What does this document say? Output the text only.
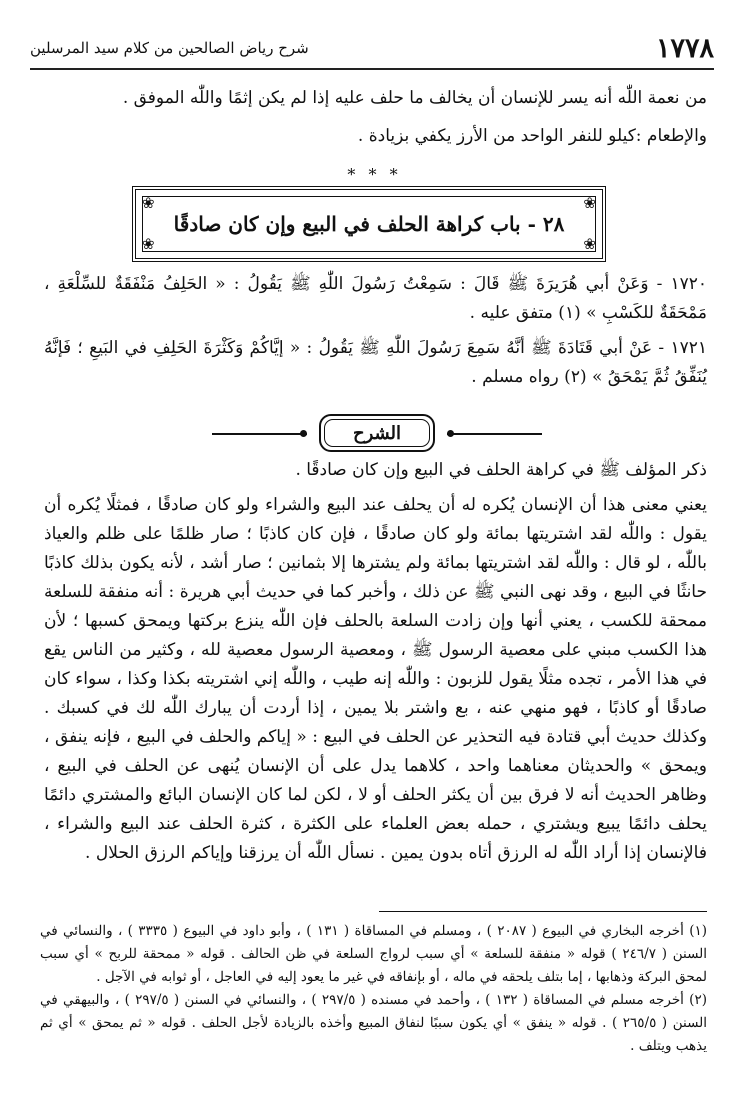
١٧٧٨
شرح رياض الصالحين من كلام سيد المرسلين

من نعمة اللّٰه أنه يسر للإنسان أن يخالف ما حلف عليه إذا لم يكن إثمًا واللّٰه الموفق .

والإطعام :كيلو للنفر الواحد من الأرز يكفي بزيادة .

* * *
❀	❀
❀	❀
٢٨ - باب كراهة الحلف في البيع وإن كان صادقًا

١٧٢٠ - وَعَنْ أبي هُرَيرَةَ ﷺ قَالَ : سَمِعْتُ رَسُولَ اللّٰهِ ﷺ يَقُولُ : « الحَلِفُ مَنْفَقَةٌ للسِّلْعَةِ ، مَمْحَقَةٌ للكَسْبِ » (١) متفق عليه .

١٧٢١ - عَنْ أبي قَتَادَةَ ﷺ أنَّهُ سَمِعَ رَسُولَ اللّٰهِ ﷺ يَقُولُ : « إيَّاكُمْ وَكَثْرَةَ الحَلِفِ في البَيعِ ؛ فَإنَّهُ يُنَفِّقُ ثُمَّ يَمْحَقُ » (٢) رواه مسلم .

الشرح

ذكر المؤلف ﷺ في كراهة الحلف في البيع وإن كان صادقًا .

يعني معنى هذا أن الإنسان يُكره له أن يحلف عند البيع والشراء ولو كان صادقًا ، فمثلًا يُكره أن يقول : واللّٰه لقد اشتريتها بمائة ولو كان صادقًا ، فإن كان كاذبًا ؛ صار ظلمًا على ظلم والعياذ باللّٰه ، لو قال : واللّٰه لقد اشتريتها بمائة ولم يشترها إلا بثمانين ؛ صار أشد ، لأنه يكون بذلك كاذبًا حانثًا في البيع ، وقد نهى النبي ﷺ عن ذلك ، وأخبر كما في حديث أبي هريرة : أنه منفقة للسلعة ممحقة للكسب ، يعني أنها وإن زادت السلعة بالحلف فإن اللّٰه ينزع بركتها ويمحق كسبها ؛ لأن هذا الكسب مبني على معصية الرسول ﷺ ، ومعصية الرسول معصية لله ، وكثير من الناس يقع في هذا الأمر ، تجده مثلًا يقول للزبون : واللّٰه إنه طيب ، واللّٰه إني اشتريته بكذا وكذا ، سواء كان صادقًا أو كاذبًا ، فهو منهي عنه ، بع واشتر بلا يمين ، إذا أردت أن يبارك اللّٰه لك في كسبك . وكذلك حديث أبي قتادة فيه التحذير عن الحلف في البيع : « إياكم والحلف في البيع ، فإنه ينفق ، ويمحق » والحديثان معناهما واحد ، كلاهما يدل على أن الإنسان يُنهى عن الحلف في البيع ، وظاهر الحديث أنه لا فرق بين أن يكثر الحلف أو لا ، لكن لما كان الإنسان البائع والمشتري دائمًا يحلف دائمًا يبيع ويشتري ، حمله بعض العلماء على الكثرة ، كثرة الحلف عند البيع والشراء ، فالإنسان إذا أراد اللّٰه له الرزق أتاه بدون يمين . نسأل اللّٰه أن يرزقنا وإياكم الرزق الحلال .

(١) أخرجه البخاري في البيوع ( ٢٠٨٧ ) ، ومسلم في المساقاة ( ١٣١ ) ، وأبو داود في البيوع ( ٣٣٣٥ ) ، والنسائي في السنن ( ٢٤٦/٧ ) قوله « منفقة للسلعة » أي سبب لرواج السلعة في ظن الحالف . قوله « ممحقة للربح » أي سبب لمحق البركة وذهابها ، إما بتلف يلحقه في ماله ، أو بإنفاقه في غير ما يعود إليه في العاجل ، أو ثوابه في الآجل .

(٢) أخرجه مسلم في المساقاة ( ١٣٢ ) ، وأحمد في مسنده ( ٢٩٧/٥ ) ، والنسائي في السنن ( ٢٩٧/٥ ) ، والبيهقي في السنن ( ٢٦٥/٥ ) . قوله « ينفق » أي يكون سببًا لنفاق المبيع وأخذه بالزيادة لأجل الحلف . قوله « ثم يمحق » أي ثم يذهب ويتلف .
